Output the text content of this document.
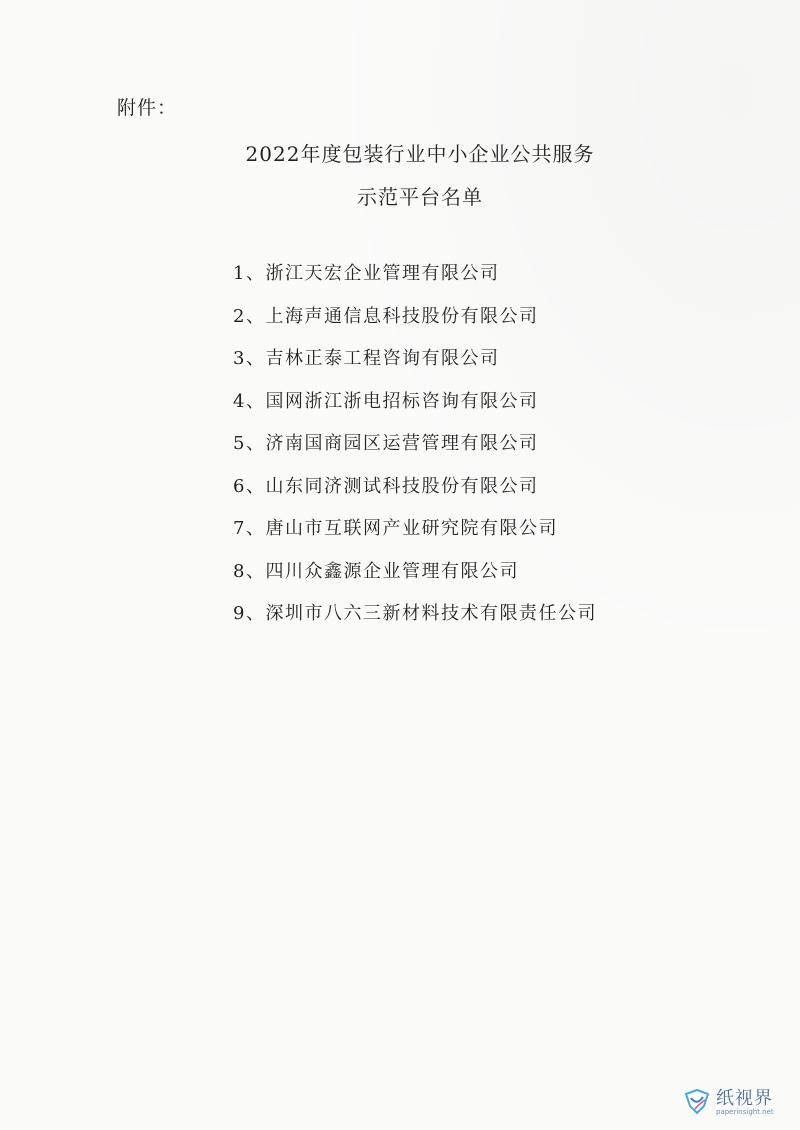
附件：
2022年度包装行业中小企业公共服务
示范平台名单
1、浙江天宏企业管理有限公司
2、上海声通信息科技股份有限公司
3、吉林正泰工程咨询有限公司
4、国网浙江浙电招标咨询有限公司
5、济南国商园区运营管理有限公司
6、山东同济测试科技股份有限公司
7、唐山市互联网产业研究院有限公司
8、四川众鑫源企业管理有限公司
9、深圳市八六三新材料技术有限责任公司
纸视界
paperinsight.net
